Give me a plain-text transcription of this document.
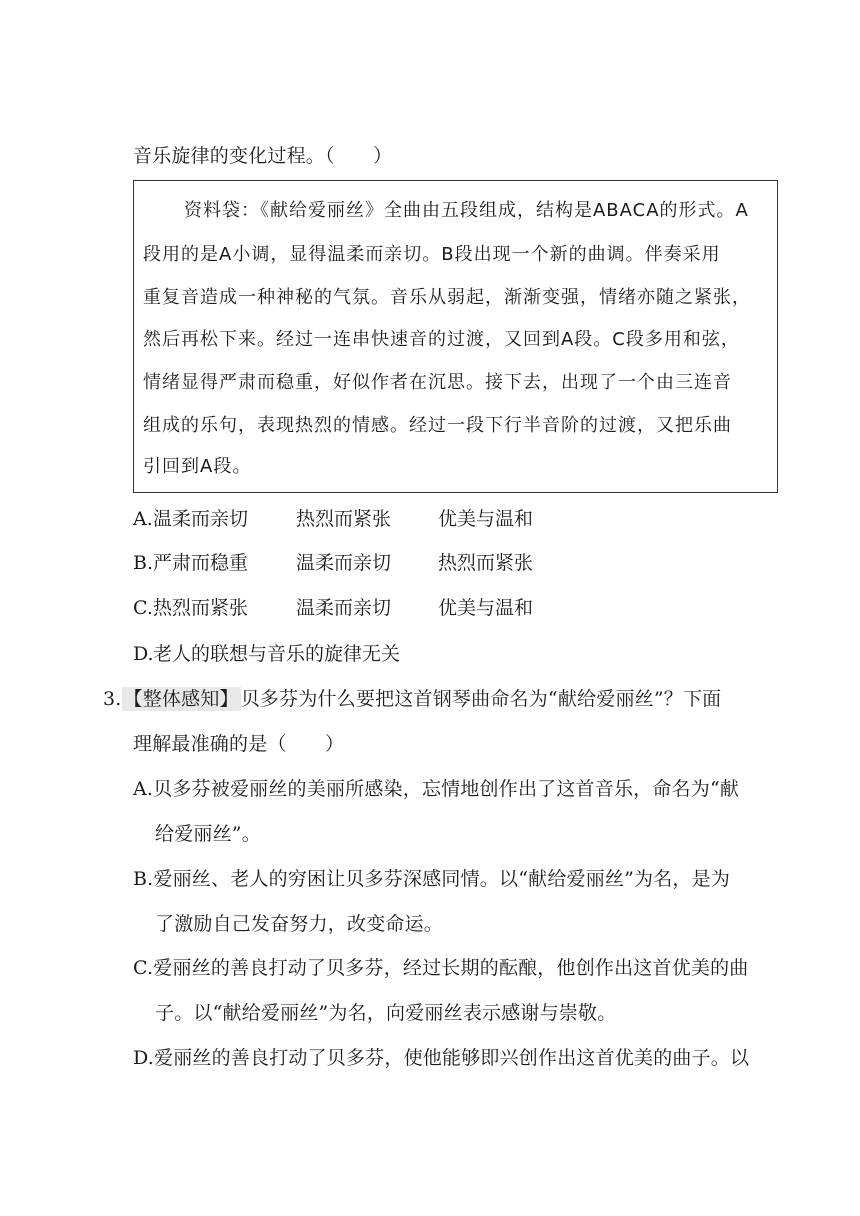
音乐旋律的变化过程。（　　）
资料袋：《献给爱丽丝》全曲由五段组成，结构是ABACA的形式。A
段用的是A小调，显得温柔而亲切。B段出现一个新的曲调。伴奏采用
重复音造成一种神秘的气氛。音乐从弱起，渐渐变强，情绪亦随之紧张，
然后再松下来。经过一连串快速音的过渡，又回到A段。C段多用和弦，
情绪显得严肃而稳重，好似作者在沉思。接下去，出现了一个由三连音
组成的乐句，表现热烈的情感。经过一段下行半音阶的过渡，又把乐曲
引回到A段。
A. 温柔而亲切	热烈而紧张 优美与温和
B. 严肃而稳重	温柔而亲切 热烈而紧张
C. 热烈而紧张	温柔而亲切 优美与温和
D. 老人的联想与音乐的旋律无关
3. 【整体感知】 贝多芬为什么要把这首钢琴曲命名为“献给爱丽丝”？下面
理解最准确的是（　　）
A.贝多芬被爱丽丝的美丽所感染，忘情地创作出了这首音乐，命名为“献
给爱丽丝”。
B.爱丽丝、老人的穷困让贝多芬深感同情。以“献给爱丽丝”为名，是为
了激励自己发奋努力，改变命运。
C.爱丽丝的善良打动了贝多芬，经过长期的酝酿，他创作出这首优美的曲
子。以“献给爱丽丝”为名，向爱丽丝表示感谢与崇敬。
D.爱丽丝的善良打动了贝多芬，使他能够即兴创作出这首优美的曲子。以
